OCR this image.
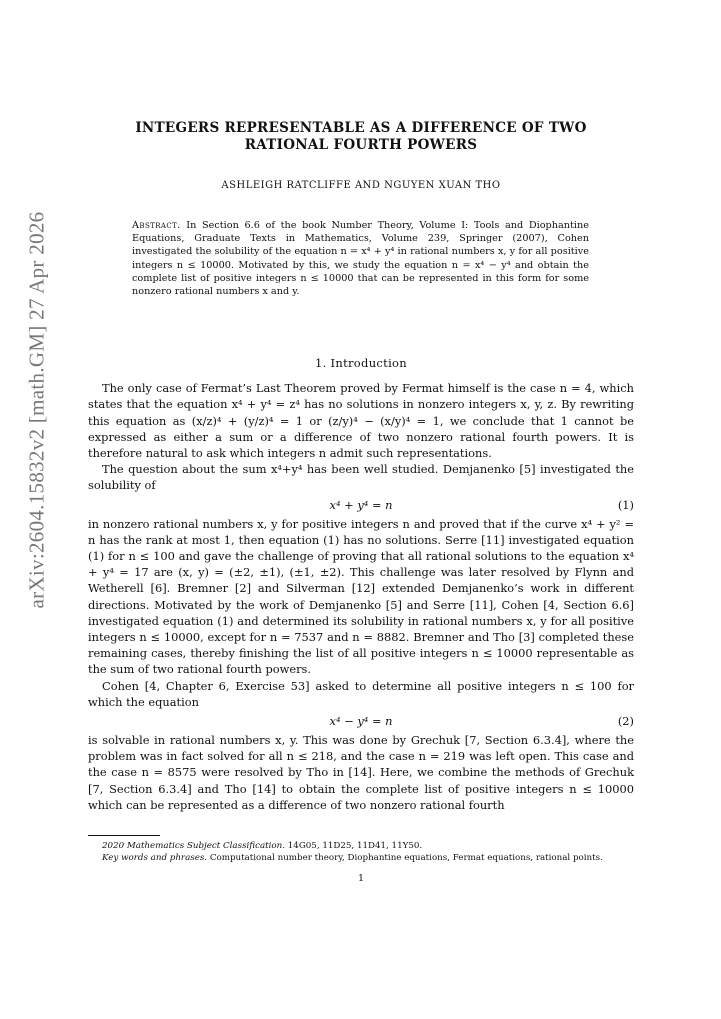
arXiv:2604.15832v2 [math.GM] 27 Apr 2026
INTEGERS REPRESENTABLE AS A DIFFERENCE OF TWO
RATIONAL FOURTH POWERS
ASHLEIGH RATCLIFFE AND NGUYEN XUAN THO
Abstract. In Section 6.6 of the book Number Theory, Volume I: Tools and Diophantine Equations, Graduate Texts in Mathematics, Volume 239, Springer (2007), Cohen investigated the solubility of the equation n = x⁴ + y⁴ in rational numbers x, y for all positive integers n ≤ 10000. Motivated by this, we study the equation n = x⁴ − y⁴ and obtain the complete list of positive integers n ≤ 10000 that can be represented in this form for some nonzero rational numbers x and y.
1. Introduction

The only case of Fermat’s Last Theorem proved by Fermat himself is the case n = 4, which states that the equation x⁴ + y⁴ = z⁴ has no solutions in nonzero integers x, y, z. By rewriting this equation as (x/z)⁴ + (y/z)⁴ = 1 or (z/y)⁴ − (x/y)⁴ = 1, we conclude that 1 cannot be expressed as either a sum or a difference of two nonzero rational fourth powers. It is therefore natural to ask which integers n admit such representations.

The question about the sum x⁴+y⁴ has been well studied. Demjanenko [5] investigated the solubility of

x⁴ + y⁴ = n	(1)

in nonzero rational numbers x, y for positive integers n and proved that if the curve x⁴ + y² = n has the rank at most 1, then equation (1) has no solutions. Serre [11] investigated equation (1) for n ≤ 100 and gave the challenge of proving that all rational solutions to the equation x⁴ + y⁴ = 17 are (x, y) = (±2, ±1), (±1, ±2). This challenge was later resolved by Flynn and Wetherell [6]. Bremner [2] and Silverman [12] extended Demjanenko’s work in different directions. Motivated by the work of Demjanenko [5] and Serre [11], Cohen [4, Section 6.6] investigated equation (1) and determined its solubility in rational numbers x, y for all positive integers n ≤ 10000, except for n = 7537 and n = 8882. Bremner and Tho [3] completed these remaining cases, thereby finishing the list of all positive integers n ≤ 10000 representable as the sum of two rational fourth powers.

Cohen [4, Chapter 6, Exercise 53] asked to determine all positive integers n ≤ 100 for which the equation

x⁴ − y⁴ = n	(2)

is solvable in rational numbers x, y. This was done by Grechuk [7, Section 6.3.4], where the problem was in fact solved for all n ≤ 218, and the case n = 219 was left open. This case and the case n = 8575 were resolved by Tho in [14]. Here, we combine the methods of Grechuk [7, Section 6.3.4] and Tho [14] to obtain the complete list of positive integers n ≤ 10000 which can be represented as a difference of two nonzero rational fourth

2020 Mathematics Subject Classification. 14G05, 11D25, 11D41, 11Y50.

Key words and phrases. Computational number theory, Diophantine equations, Fermat equations, rational points.

1
